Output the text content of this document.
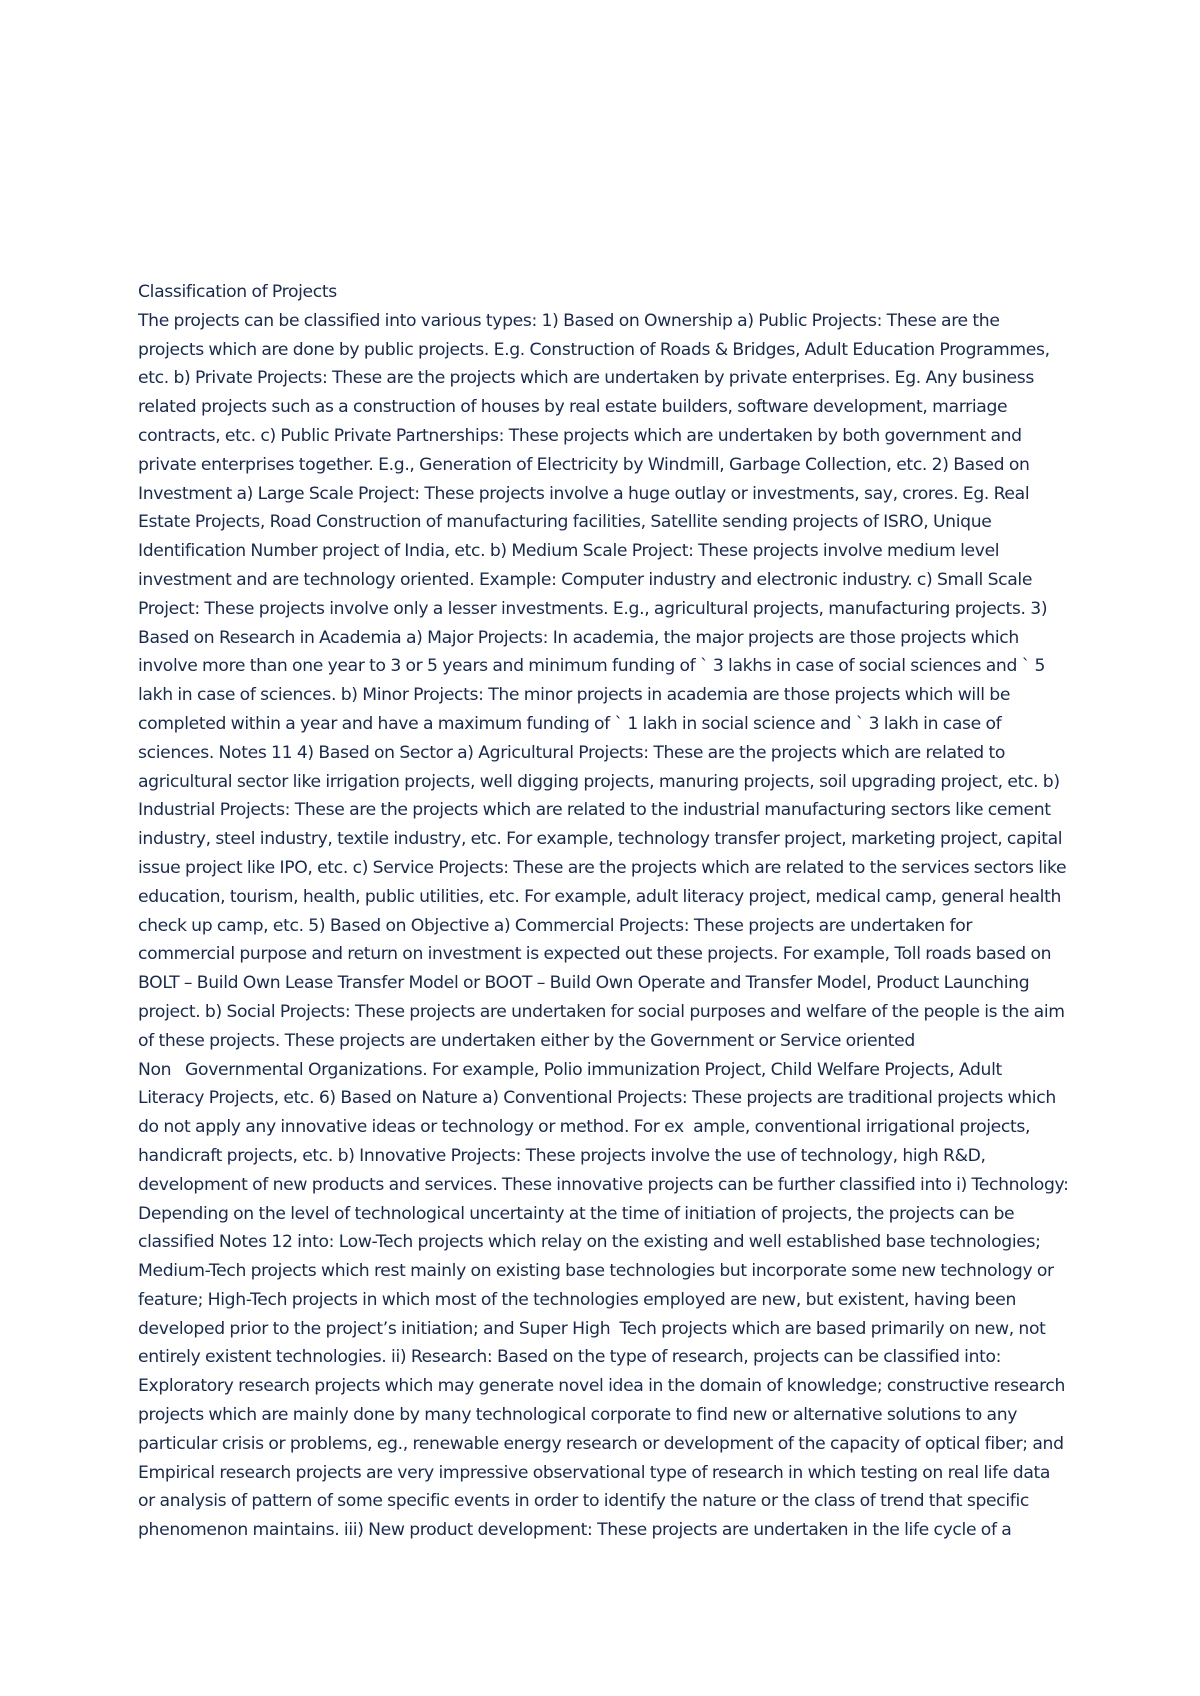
Classification of Projects
The projects can be classified into various types: 1) Based on Ownership a) Public Projects: These are the
projects which are done by public projects. E.g. Construction of Roads & Bridges, Adult Education Programmes,
etc. b) Private Projects: These are the projects which are undertaken by private enterprises. Eg. Any business
related projects such as a construction of houses by real estate builders, software development, marriage
contracts, etc. c) Public Private Partnerships: These projects which are undertaken by both government and
private enterprises together. E.g., Generation of Electricity by Windmill, Garbage Collection, etc. 2) Based on
Investment a) Large Scale Project: These projects involve a huge outlay or investments, say, crores. Eg. Real
Estate Projects, Road Construction of manufacturing facilities, Satellite sending projects of ISRO, Unique
Identification Number project of India, etc. b) Medium Scale Project: These projects involve medium level
investment and are technology oriented. Example: Computer industry and electronic industry. c) Small Scale
Project: These projects involve only a lesser investments. E.g., agricultural projects, manufacturing projects. 3)
Based on Research in Academia a) Major Projects: In academia, the major projects are those projects which
involve more than one year to 3 or 5 years and minimum funding of ` 3 lakhs in case of social sciences and ` 5
lakh in case of sciences. b) Minor Projects: The minor projects in academia are those projects which will be
completed within a year and have a maximum funding of ` 1 lakh in social science and ` 3 lakh in case of
sciences. Notes 11 4) Based on Sector a) Agricultural Projects: These are the projects which are related to
agricultural sector like irrigation projects, well digging projects, manuring projects, soil upgrading project, etc. b)
Industrial Projects: These are the projects which are related to the industrial manufacturing sectors like cement
industry, steel industry, textile industry, etc. For example, technology transfer project, marketing project, capital
issue project like IPO, etc. c) Service Projects: These are the projects which are related to the services sectors like
education, tourism, health, public utilities, etc. For example, adult literacy project, medical camp, general health
check up camp, etc. 5) Based on Objective a) Commercial Projects: These projects are undertaken for
commercial purpose and return on investment is expected out these projects. For example, Toll roads based on
BOLT – Build Own Lease Transfer Model or BOOT – Build Own Operate and Transfer Model, Product Launching
project. b) Social Projects: These projects are undertaken for social purposes and welfare of the people is the aim
of these projects. These projects are undertaken either by the Government or Service oriented
Non   Governmental Organizations. For example, Polio immunization Project, Child Welfare Projects, Adult
Literacy Projects, etc. 6) Based on Nature a) Conventional Projects: These projects are traditional projects which
do not apply any innovative ideas or technology or method. For ex  ample, conventional irrigational projects,
handicraft projects, etc. b) Innovative Projects: These projects involve the use of technology, high R&D,
development of new products and services. These innovative projects can be further classified into i) Technology:
Depending on the level of technological uncertainty at the time of initiation of projects, the projects can be
classified Notes 12 into: Low-Tech projects which relay on the existing and well established base technologies;
Medium-Tech projects which rest mainly on existing base technologies but incorporate some new technology or
feature; High-Tech projects in which most of the technologies employed are new, but existent, having been
developed prior to the project’s initiation; and Super High  Tech projects which are based primarily on new, not
entirely existent technologies. ii) Research: Based on the type of research, projects can be classified into:
Exploratory research projects which may generate novel idea in the domain of knowledge; constructive research
projects which are mainly done by many technological corporate to find new or alternative solutions to any
particular crisis or problems, eg., renewable energy research or development of the capacity of optical fiber; and
Empirical research projects are very impressive observational type of research in which testing on real life data
or analysis of pattern of some specific events in order to identify the nature or the class of trend that specific
phenomenon maintains. iii) New product development: These projects are undertaken in the life cycle of a
